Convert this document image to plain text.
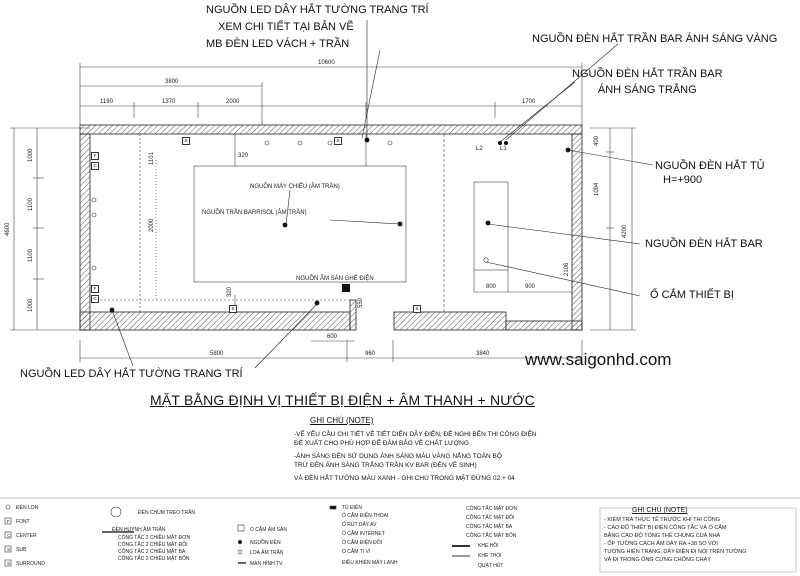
NGUỒN LED DÂY HẮT TƯỜNG TRANG TRÍ
XEM CHI TIẾT TẠI BẢN VẼ
MB ĐÈN LED VÁCH + TRẦN	NGUỒN ĐÈN HẮT TRẦN BAR ÁNH SÁNG VÀNG
NGUỒN ĐÈN HẮT TRẦN BAR
ÁNH SÁNG TRẮNG
NGUỒN ĐÈN HẮT TỦ
H=+900
NGUỒN ĐÈN HẮT BAR
Ổ CẮM THIẾT BỊ
NGUỒN LED DÂY HẮT TƯỜNG TRANG TRÍ
NGUỒN MÁY CHIẾU (ÂM TRẦN)
NGUỒN TRẦN BARRISOL (ÂM TRẦN)
NGUỒN ÂM SÀN GHẾ ĐIỆN
L2	L1
S	S
S	S
F
C
F
C
10600
3800
1190	1370	2000	1700
4600
1000
1100
1100
1000
1101
2000
320
320
550
400
1094
4200
2106
800	900
600
5800	960	3840 www.saigonhd.com
MẶT BẰNG ĐỊNH VỊ THIẾT BỊ ĐIỆN + ÂM THANH + NƯỚC
GHI CHÚ (NOTE)
-VẼ YÊU CẦU CHI TIẾT VỀ TIẾT DIỆN DÂY ĐIỆN, ĐỀ NGHỊ BÊN THI CÔNG ĐIỆN
ĐỀ XUẤT CHO PHÙ HỢP ĐỂ ĐẢM BẢO VỀ CHẤT LƯỢNG
-ÁNH SÁNG ĐÈN SỬ DỤNG ÁNH SÁNG MÀU VÀNG NẮNG TOÀN BỘ
TRỪ ĐÈN ÁNH SÁNG TRẮNG TRẦN KV BAR (ĐÈN VẼ SINH)
VÀ ĐÈN HẮT TƯỜNG MÀU XANH - GHI CHÚ TRONG MẶT ĐỨNG 02 + 04
ĐÈN LON
F FONT
C CENTER
S SUB
S SURROUND
ĐÈN CHÙM TREO TRẦN
ĐÈN HUỲNH ÂM TRẦN
CÔNG TẮC 2 CHIỀU MẶT ĐƠN
CÔNG TẮC 2 CHIỀU MẶT ĐÔI
CÔNG TẮC 2 CHIỀU MẶT BA
CÔNG TẮC 2 CHIỀU MẶT BỐN
Ổ CẮM ÂM SÀN
NGUỒN ĐÈN
LOA ÂM TRẦN
MÀN HÌNH TV
TỦ ĐIỆN
Ổ CẮM ĐIỆN THOẠI
Ổ RÚT DÂY AV
Ổ CẮM INTERNET
Ổ CẮM ĐIỆN ĐÔI
Ổ CẮM TI VI
ĐIỀU KHIỂN MÁY LẠNH
CÔNG TẮC MẶT ĐƠN
CÔNG TẮC MẶT ĐÔI
CÔNG TẮC MẶT BA
CÔNG TẮC MẶT BỐN
KHE HỒI
KHE THỔI
QUẠT HÚT
GHI CHÚ (NOTE)
- KIỂM TRA THỰC TẾ TRƯỚC KHI THI CÔNG
- CAO ĐỘ THIẾT BỊ ĐIỆN CÔNG TẮC VÀ Ổ CẮM
BẰNG CAO ĐỘ TỔNG THỂ CHUNG CỦA NHÀ
- ỐP TƯỜNG CÁCH ÂM DÀY RA +38 SO VỚI
TƯỜNG HIỆN TRẠNG, DÂY ĐIỆN ĐI NỔI TRÊN TƯỜNG
VÀ ĐI TRONG ỐNG CỨNG CHỐNG CHÁY
